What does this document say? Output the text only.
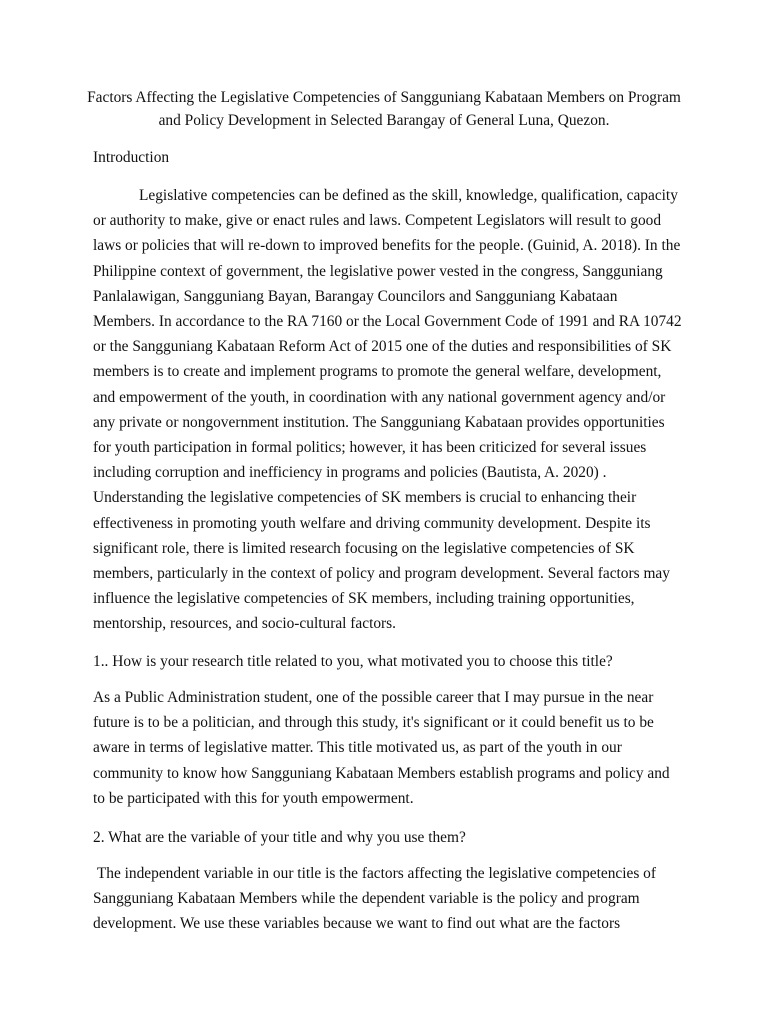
Factors Affecting the Legislative Competencies of Sangguniang Kabataan Members on Program and Policy Development in Selected Barangay of General Luna, Quezon.
Introduction

Legislative competencies can be defined as the skill, knowledge, qualification, capacity or authority to make, give or enact rules and laws. Competent Legislators will result to good laws or policies that will re-down to improved benefits for the people. (Guinid, A. 2018). In the Philippine context of government, the legislative power vested in the congress, Sangguniang Panlalawigan, Sangguniang Bayan, Barangay Councilors and Sangguniang Kabataan Members. In accordance to the RA 7160 or the Local Government Code of 1991 and RA 10742 or the Sangguniang Kabataan Reform Act of 2015 one of the duties and responsibilities of SK members is to create and implement programs to promote the general welfare, development, and empowerment of the youth, in coordination with any national government agency and/or any private or nongovernment institution. The Sangguniang Kabataan provides opportunities for youth participation in formal politics; however, it has been criticized for several issues including corruption and inefficiency in programs and policies (Bautista, A. 2020) . Understanding the legislative competencies of SK members is crucial to enhancing their effectiveness in promoting youth welfare and driving community development. Despite its significant role, there is limited research focusing on the legislative competencies of SK members, particularly in the context of policy and program development. Several factors may influence the legislative competencies of SK members, including training opportunities, mentorship, resources, and socio-cultural factors.

1.. How is your research title related to you, what motivated you to choose this title?

As a Public Administration student, one of the possible career that I may pursue in the near future is to be a politician, and through this study, it's significant or it could benefit us to be aware in terms of legislative matter. This title motivated us, as part of the youth in our community to know how Sangguniang Kabataan Members establish programs and policy and to be participated with this for youth empowerment.

2. What are the variable of your title and why you use them?

The independent variable in our title is the factors affecting the legislative competencies of Sangguniang Kabataan Members while the dependent variable is the policy and program development. We use these variables because we want to find out what are the factors
